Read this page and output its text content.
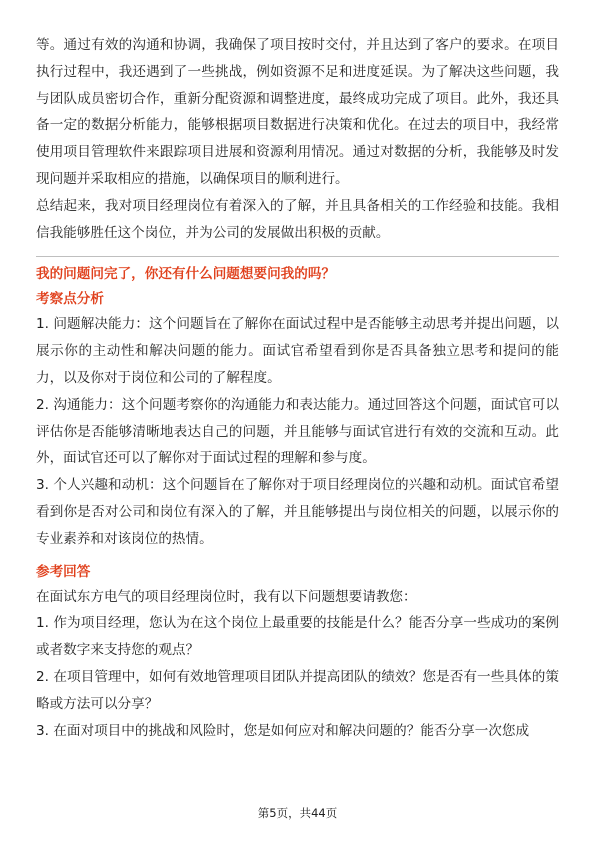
等。通过有效的沟通和协调，我确保了项目按时交付，并且达到了客户的要求。在项目执行过程中，我还遇到了一些挑战，例如资源不足和进度延误。为了解决这些问题，我与团队成员密切合作，重新分配资源和调整进度，最终成功完成了项目。此外，我还具备一定的数据分析能力，能够根据项目数据进行决策和优化。在过去的项目中，我经常使用项目管理软件来跟踪项目进展和资源利用情况。通过对数据的分析，我能够及时发现问题并采取相应的措施，以确保项目的顺利进行。

总结起来，我对项目经理岗位有着深入的了解，并且具备相关的工作经验和技能。我相信我能够胜任这个岗位，并为公司的发展做出积极的贡献。

我的问题问完了，你还有什么问题想要问我的吗？
考察点分析

1. 问题解决能力：这个问题旨在了解你在面试过程中是否能够主动思考并提出问题，以展示你的主动性和解决问题的能力。面试官希望看到你是否具备独立思考和提问的能力，以及你对于岗位和公司的了解程度。

2. 沟通能力：这个问题考察你的沟通能力和表达能力。通过回答这个问题，面试官可以评估你是否能够清晰地表达自己的问题，并且能够与面试官进行有效的交流和互动。此外，面试官还可以了解你对于面试过程的理解和参与度。

3. 个人兴趣和动机：这个问题旨在了解你对于项目经理岗位的兴趣和动机。面试官希望看到你是否对公司和岗位有深入的了解，并且能够提出与岗位相关的问题，以展示你的专业素养和对该岗位的热情。

参考回答

在面试东方电气的项目经理岗位时，我有以下问题想要请教您：

1. 作为项目经理，您认为在这个岗位上最重要的技能是什么？能否分享一些成功的案例或者数字来支持您的观点？

2. 在项目管理中，如何有效地管理项目团队并提高团队的绩效？您是否有一些具体的策略或方法可以分享？

3. 在面对项目中的挑战和风险时，您是如何应对和解决问题的？能否分享一次您成

第5页，共44页
